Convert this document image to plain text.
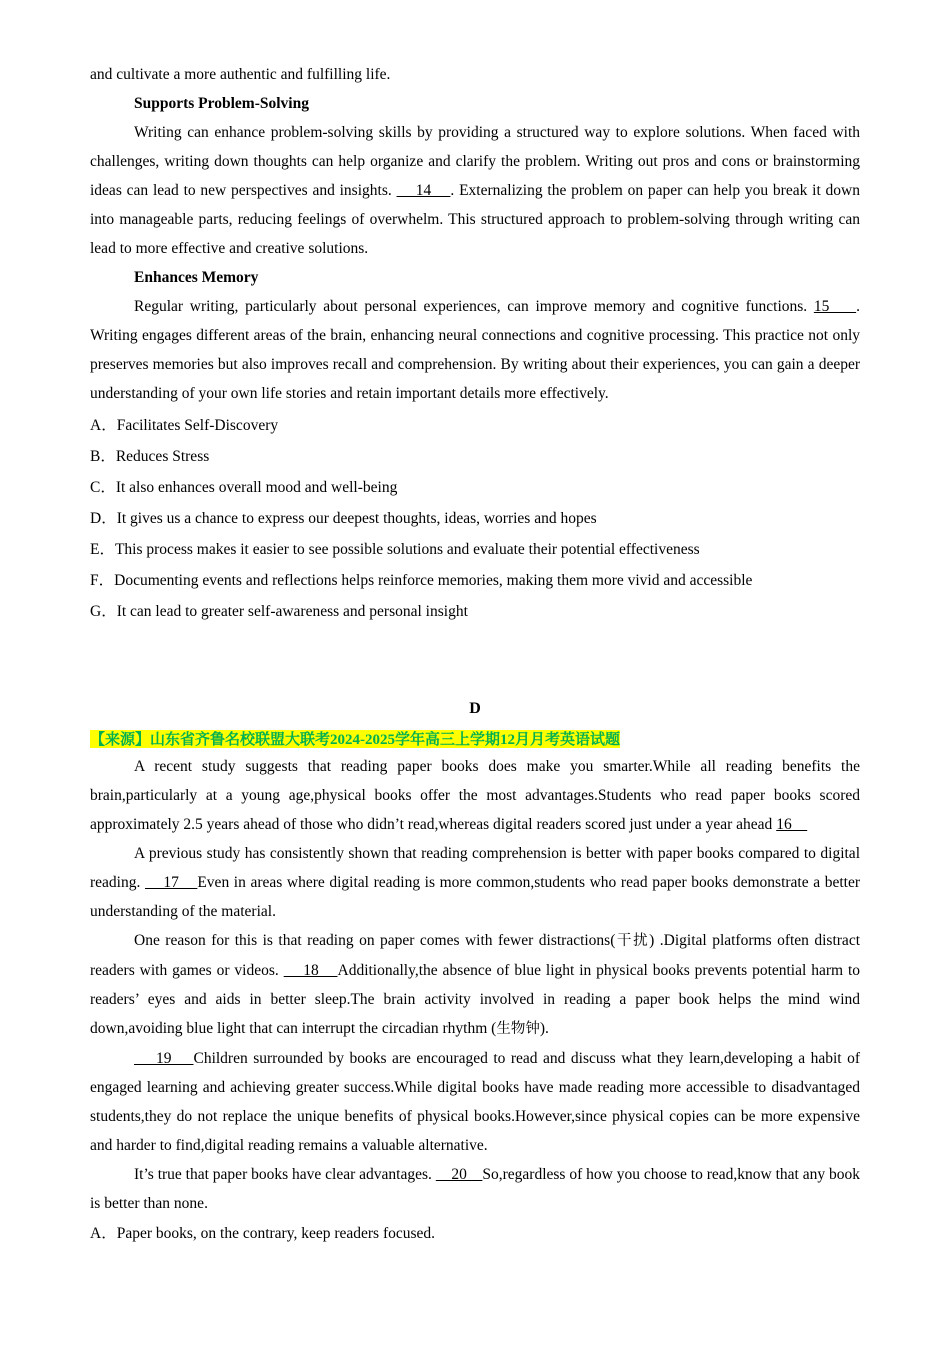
and cultivate a more authentic and fulfilling life.

Supports Problem-Solving

Writing can enhance problem-solving skills by providing a structured way to explore solutions. When faced with challenges, writing down thoughts can help organize and clarify the problem. Writing out pros and cons or brainstorming ideas can lead to new perspectives and insights.     14    . Externalizing the problem on paper can help you break it down into manageable parts, reducing feelings of overwhelm. This structured approach to problem-solving through writing can lead to more effective and creative solutions.

Enhances Memory

Regular writing, particularly about personal experiences, can improve memory and cognitive functions. 15    . Writing engages different areas of the brain, enhancing neural connections and cognitive processing. This practice not only preserves memories but also improves recall and comprehension. By writing about their experiences, you can gain a deeper understanding of your own life stories and retain important details more effectively.

A．Facilitates Self-Discovery
B．Reduces Stress
C．It also enhances overall mood and well-being
D．It gives us a chance to express our deepest thoughts, ideas, worries and hopes
E．This process makes it easier to see possible solutions and evaluate their potential effectiveness
F．Documenting events and reflections helps reinforce memories, making them more vivid and accessible
G．It can lead to greater self-awareness and personal insight
D
【来源】山东省齐鲁名校联盟大联考2024-2025学年高三上学期12月月考英语试题

A recent study suggests that reading paper books does make you smarter.While all reading benefits the brain,particularly at a young age,physical books offer the most advantages.Students who read paper books scored approximately 2.5 years ahead of those who didn’t read,whereas digital readers scored just under a year ahead 16

A previous study has consistently shown that reading comprehension is better with paper books compared to digital reading.     17    Even in areas where digital reading is more common,students who read paper books demonstrate a better understanding of the material.

One reason for this is that reading on paper comes with fewer distractions(干扰) .Digital platforms often distract readers with games or videos.     18    Additionally,the absence of blue light in physical books prevents potential harm to readers’ eyes and aids in better sleep.The brain activity involved in reading a paper book helps the mind wind down,avoiding blue light that can interrupt the circadian rhythm (生物钟).

19    Children surrounded by books are encouraged to read and discuss what they learn,developing a habit of engaged learning and achieving greater success.While digital books have made reading more accessible to disadvantaged students,they do not replace the unique benefits of physical books.However,since physical copies can be more expensive and harder to find,digital reading remains a valuable alternative.

It’s true that paper books have clear advantages.     20    So,regardless of how you choose to read,know that any book is better than none.

A．Paper books, on the contrary, keep readers focused.
